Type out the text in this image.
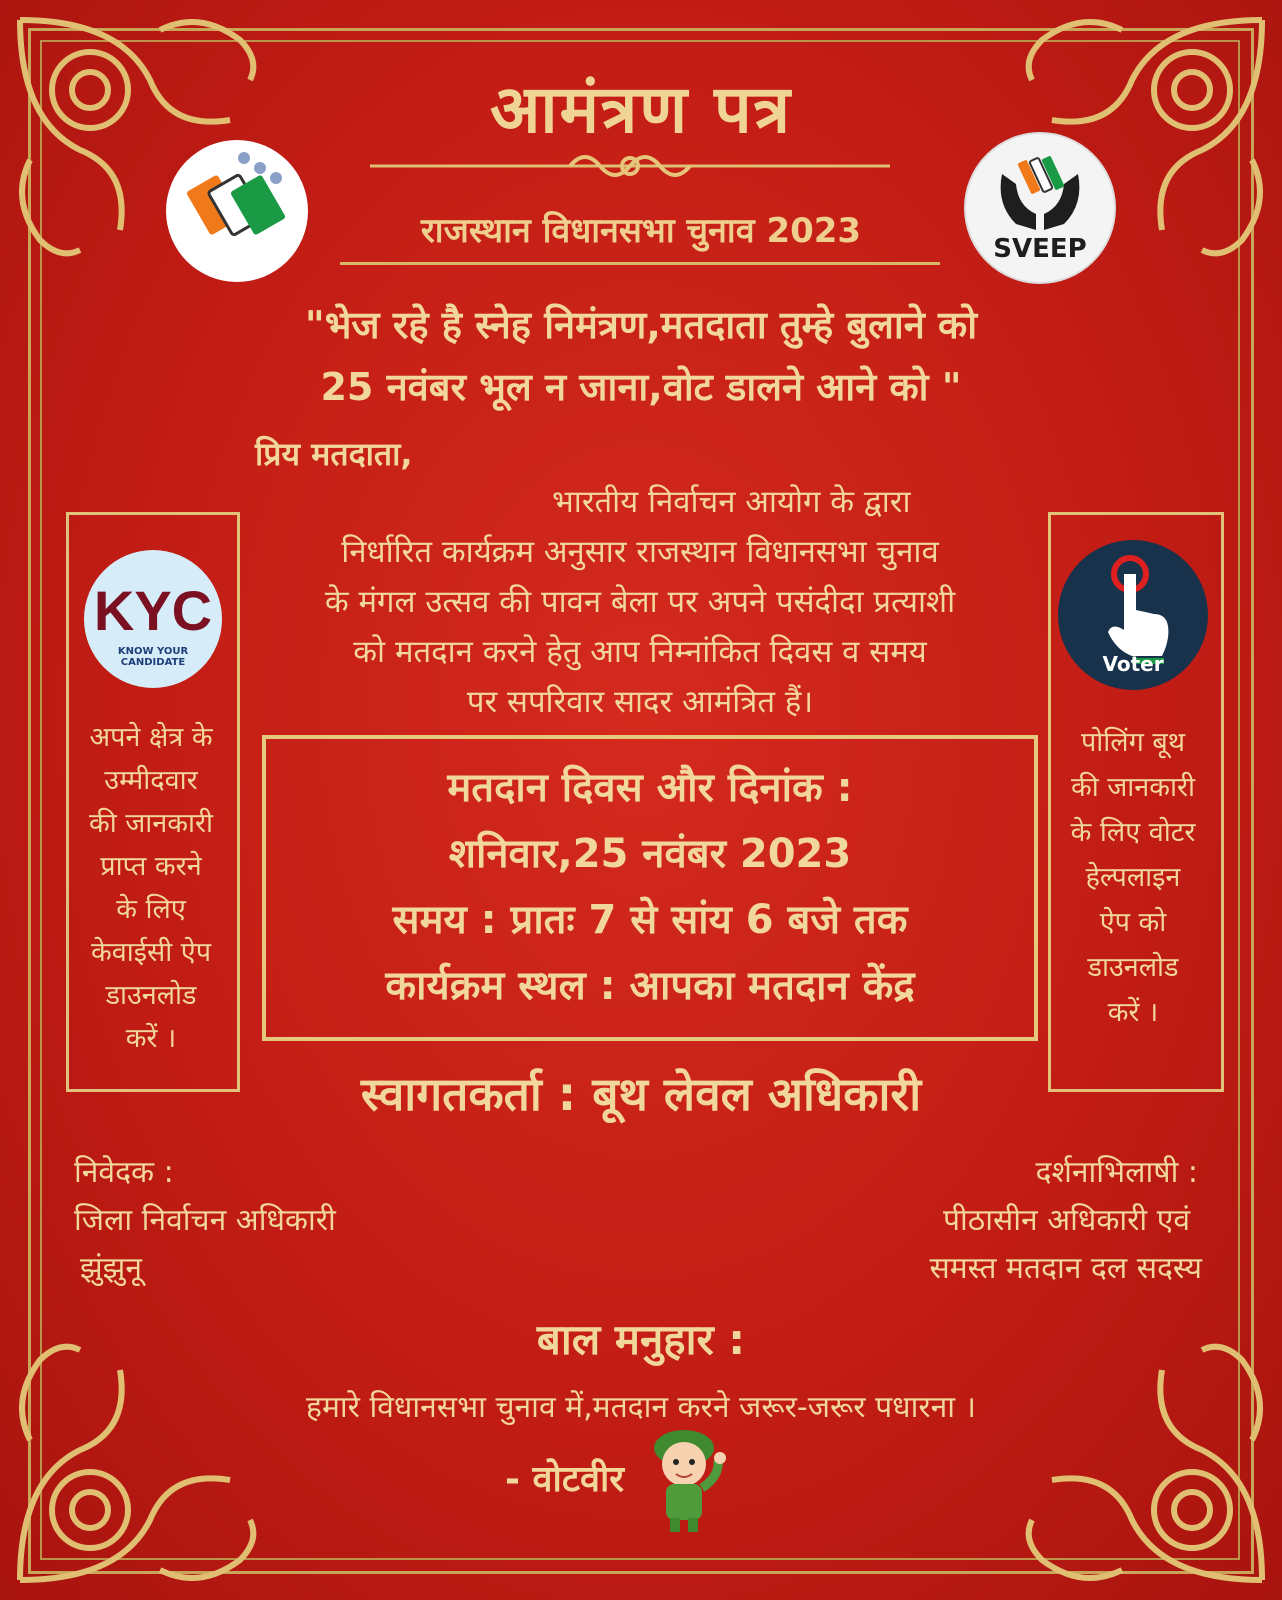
आमंत्रण पत्र
राजस्थान विधानसभा चुनाव 2023	SVEEP
"भेज रहे है स्नेह निमंत्रण,मतदाता तुम्हे बुलाने को
25 नवंबर भूल न जाना,वोट डालने आने को "
प्रिय मतदाता,
भारतीय निर्वाचन आयोग के द्वारा
निर्धारित कार्यक्रम अनुसार राजस्थान विधानसभा चुनाव
के मंगल उत्सव की पावन बेला पर अपने पसंदीदा प्रत्याशी
को मतदान करने हेतु आप निम्नांकित दिवस व समय
पर सपरिवार सादर आमंत्रित हैं।
KYC
KNOW YOUR CANDIDATE
अपने क्षेत्र के
उम्मीदवार
की जानकारी
प्राप्त करने
के लिए
केवाईसी ऐप
डाउनलोड
करें ।
Voter
पोलिंग बूथ
की जानकारी
के लिए वोटर
हेल्पलाइन
ऐप को
डाउनलोड
करें ।
मतदान दिवस और दिनांक :
शनिवार,25 नवंबर 2023
समय : प्रातः 7 से सांय 6 बजे तक
कार्यक्रम स्थल : आपका मतदान केंद्र
स्वागतकर्ता : बूथ लेवल अधिकारी
निवेदक :
जिला निर्वाचन अधिकारी
झुंझुनू
दर्शनाभिलाषी :
पीठासीन अधिकारी एवं
समस्त मतदान दल सदस्य
बाल मनुहार :
हमारे विधानसभा चुनाव में,मतदान करने जरूर-जरूर पधारना ।
- वोटवीर
